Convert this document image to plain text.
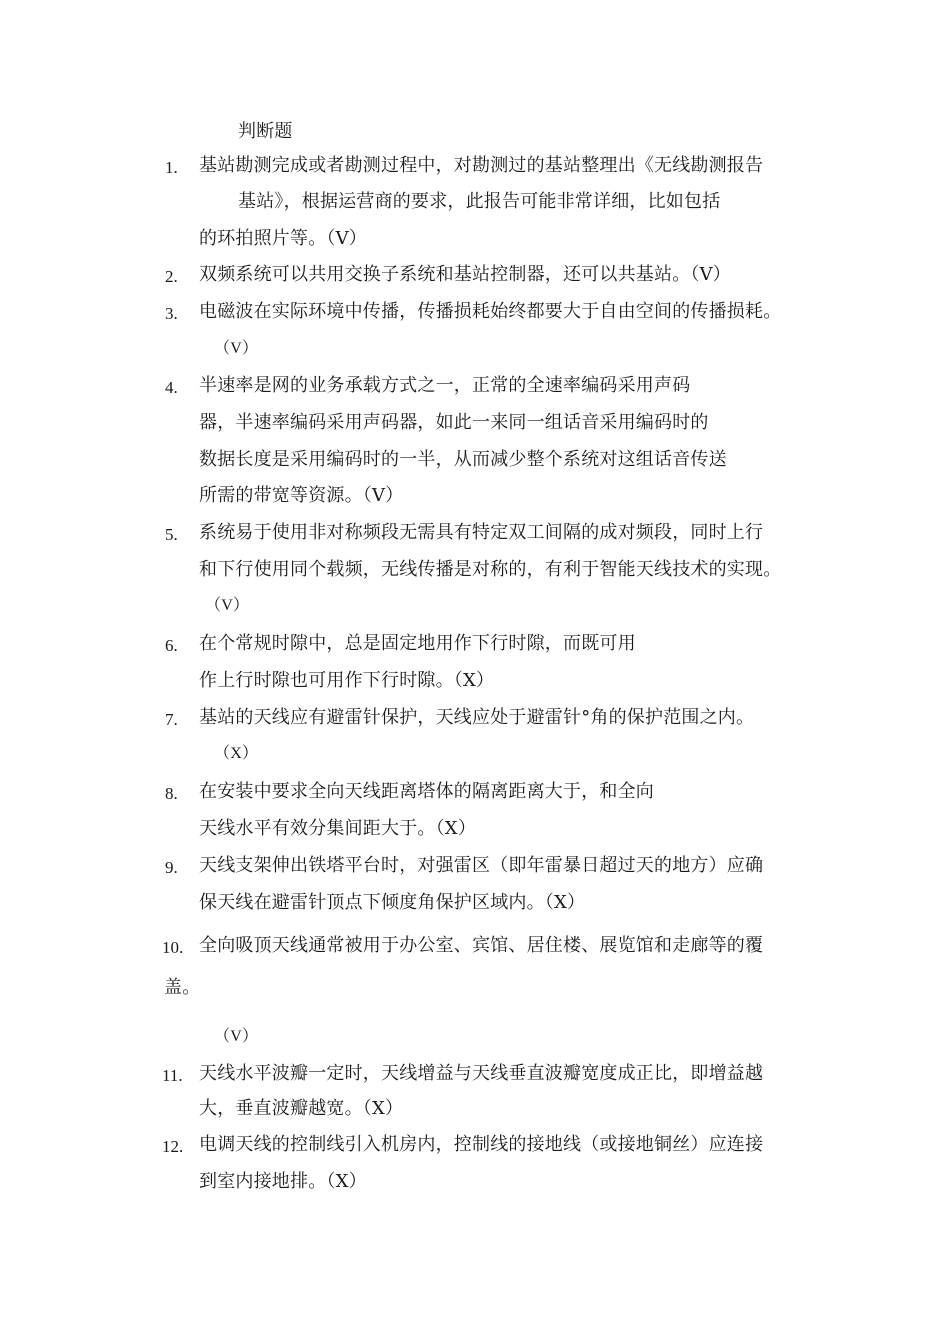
判断题
1. 基站勘测完成或者勘测过程中，对勘测过的基站整理出《无线勘测报告
基站》，根据运营商的要求，此报告可能非常详细，比如包括
的环拍照片等。（V）
2. 双频系统可以共用交换子系统和基站控制器，还可以共基站。（V）
3. 电磁波在实际环境中传播，传播损耗始终都要大于自由空间的传播损耗。
（V）
4. 半速率是网的业务承载方式之一，正常的全速率编码采用声码
器，半速率编码采用声码器，如此一来同一组话音采用编码时的
数据长度是采用编码时的一半，从而减少整个系统对这组话音传送
所需的带宽等资源。（V）
5. 系统易于使用非对称频段无需具有特定双工间隔的成对频段，同时上行
和下行使用同个载频，无线传播是对称的，有利于智能天线技术的实现。
（V）
6. 在个常规时隙中，总是固定地用作下行时隙，而既可用
作上行时隙也可用作下行时隙。（X）
7. 基站的天线应有避雷针保护，天线应处于避雷针°角的保护范围之内。
（X）
8. 在安装中要求全向天线距离塔体的隔离距离大于，和全向
天线水平有效分集间距大于。（X）
9. 天线支架伸出铁塔平台时，对强雷区（即年雷暴日超过天的地方）应确
保天线在避雷针顶点下倾度角保护区域内。（X）
10. 全向吸顶天线通常被用于办公室、宾馆、居住楼、展览馆和走廊等的覆
盖。
（V）
11. 天线水平波瓣一定时，天线增益与天线垂直波瓣宽度成正比，即增益越
大，垂直波瓣越宽。（X）
12. 电调天线的控制线引入机房内，控制线的接地线（或接地铜丝）应连接
到室内接地排。（X）
